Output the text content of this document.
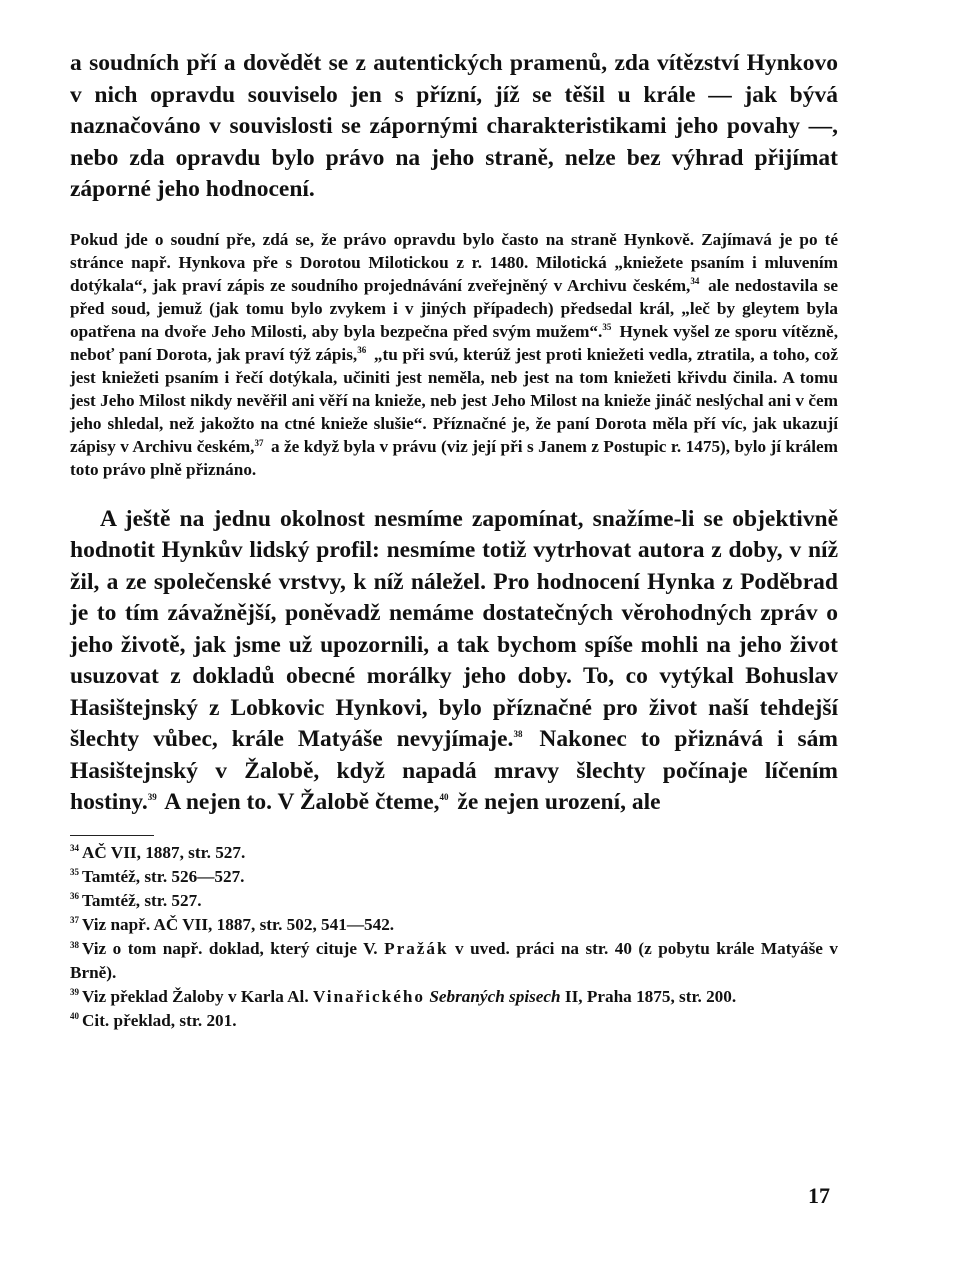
a soudních pří a dovědět se z autentických pramenů, zda vítězství Hynkovo v nich opravdu souviselo jen s přízní, jíž se těšil u krále — jak bývá naznačováno v souvislosti se zápornými charakteristikami jeho povahy —, nebo zda opravdu bylo právo na jeho straně, nelze bez výhrad přijímat záporné jeho hodnocení.

Pokud jde o soudní pře, zdá se, že právo opravdu bylo často na straně Hynkově. Zajímavá je po té stránce např. Hynkova pře s Dorotou Milotickou z r. 1480. Milotická „kniežete psaním i mluvením dotýkala“, jak praví zápis ze soudního projednávání zveřejněný v Archivu českém,$^{34}$ ale nedostavila se před soud, jemuž (jak tomu bylo zvykem i v jiných případech) předsedal král, „leč by gleytem byla opatřena na dvoře Jeho Milosti, aby byla bezpečna před svým mužem“.$^{35}$ Hynek vyšel ze sporu vítězně, neboť paní Dorota, jak praví týž zápis,$^{36}$ „tu při svú, kterúž jest proti kniežeti vedla, ztratila, a toho, což jest kniežeti psaním i řečí dotýkala, učiniti jest neměla, neb jest na tom kniežeti křivdu činila. A tomu jest Jeho Milost nikdy nevěřil ani věří na knieže, neb jest Jeho Milost na knieže jináč neslýchal ani v čem jeho shledal, než jakožto na ctné knieže slušie“. Příznačné je, že paní Dorota měla pří víc, jak ukazují zápisy v Archivu českém,$^{37}$ a že když byla v právu (viz její při s Janem z Postupic r. 1475), bylo jí králem toto právo plně přiznáno.

A ještě na jednu okolnost nesmíme zapomínat, snažíme-li se objektivně hodnotit Hynkův lidský profil: nesmíme totiž vytrhovat autora z doby, v níž žil, a ze společenské vrstvy, k níž náležel. Pro hodnocení Hynka z Poděbrad je to tím závažnější, poněvadž nemáme dostatečných věrohodných zpráv o jeho životě, jak jsme už upozornili, a tak bychom spíše mohli na jeho život usuzovat z dokladů obecné morálky jeho doby. To, co vytýkal Bohuslav Hasištejnský z Lobkovic Hynkovi, bylo příznačné pro život naší tehdejší šlechty vůbec, krále Matyáše nevyjímaje.$^{38}$ Nakonec to přiznává i sám Hasištejnský v Žalobě, když napadá mravy šlechty počínaje líčením hostiny.$^{39}$ A nejen to. V Žalobě čteme,$^{40}$ že nejen urození, ale

$^{34}$ AČ VII, 1887, str. 527.
$^{35}$ Tamtéž, str. 526—527.
$^{36}$ Tamtéž, str. 527.
$^{37}$ Viz např. AČ VII, 1887, str. 502, 541—542.
$^{38}$ Viz o tom např. doklad, který cituje V. Pražák v uved. práci na str. 40 (z pobytu krále Matyáše v Brně).
$^{39}$ Viz překlad Žaloby v Karla Al. Vinařického Sebraných spisech II, Praha 1875, str. 200.
$^{40}$ Cit. překlad, str. 201.
17
